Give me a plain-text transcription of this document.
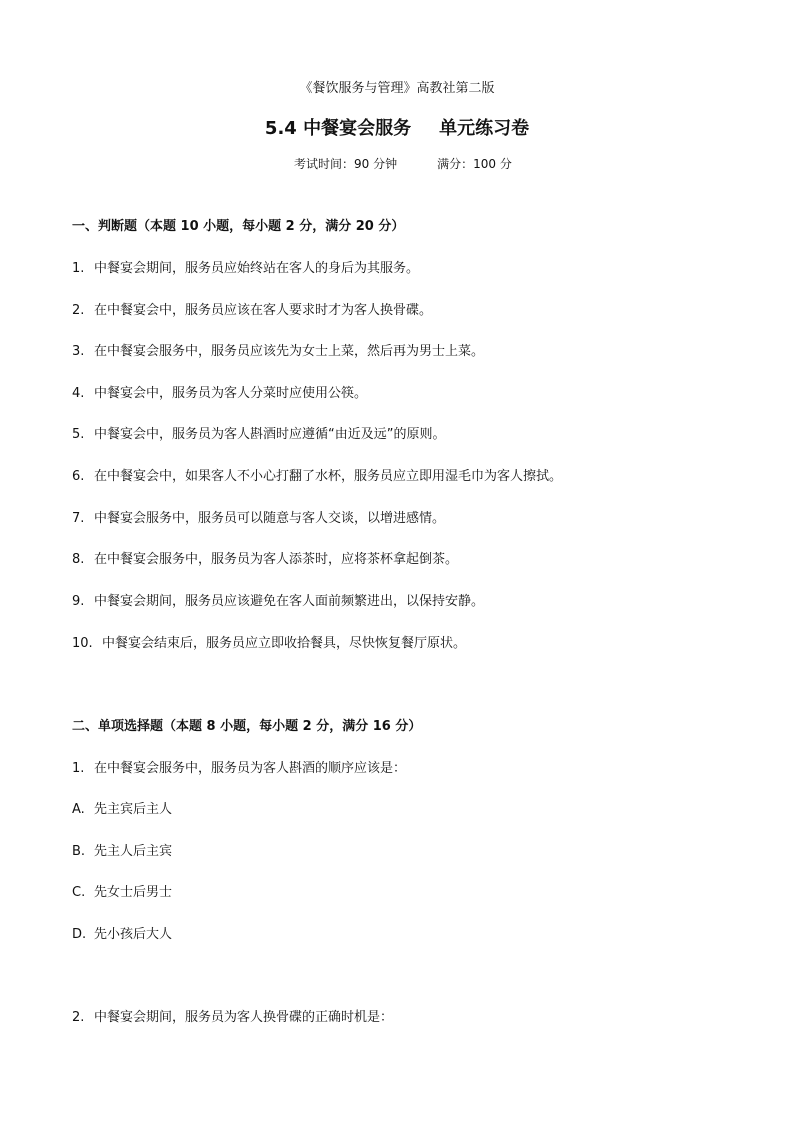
《餐饮服务与管理》高教社第二版
5.4 中餐宴会服务 单元练习卷
考试时间：90 分钟	满分：100 分
一、判断题（本题 10 小题，每小题 2 分，满分 20 分）
1. 中餐宴会期间，服务员应始终站在客人的身后为其服务。
2. 在中餐宴会中，服务员应该在客人要求时才为客人换骨碟。
3. 在中餐宴会服务中，服务员应该先为女士上菜，然后再为男士上菜。
4. 中餐宴会中，服务员为客人分菜时应使用公筷。
5. 中餐宴会中，服务员为客人斟酒时应遵循“由近及远”的原则。
6. 在中餐宴会中，如果客人不小心打翻了水杯，服务员应立即用湿毛巾为客人擦拭。
7. 中餐宴会服务中，服务员可以随意与客人交谈，以增进感情。
8. 在中餐宴会服务中，服务员为客人添茶时，应将茶杯拿起倒茶。
9. 中餐宴会期间，服务员应该避免在客人面前频繁进出，以保持安静。
10. 中餐宴会结束后，服务员应立即收拾餐具，尽快恢复餐厅原状。
二、单项选择题（本题 8 小题，每小题 2 分，满分 16 分）
1. 在中餐宴会服务中，服务员为客人斟酒的顺序应该是：
A. 先主宾后主人
B. 先主人后主宾
C. 先女士后男士
D. 先小孩后大人
2. 中餐宴会期间，服务员为客人换骨碟的正确时机是：
